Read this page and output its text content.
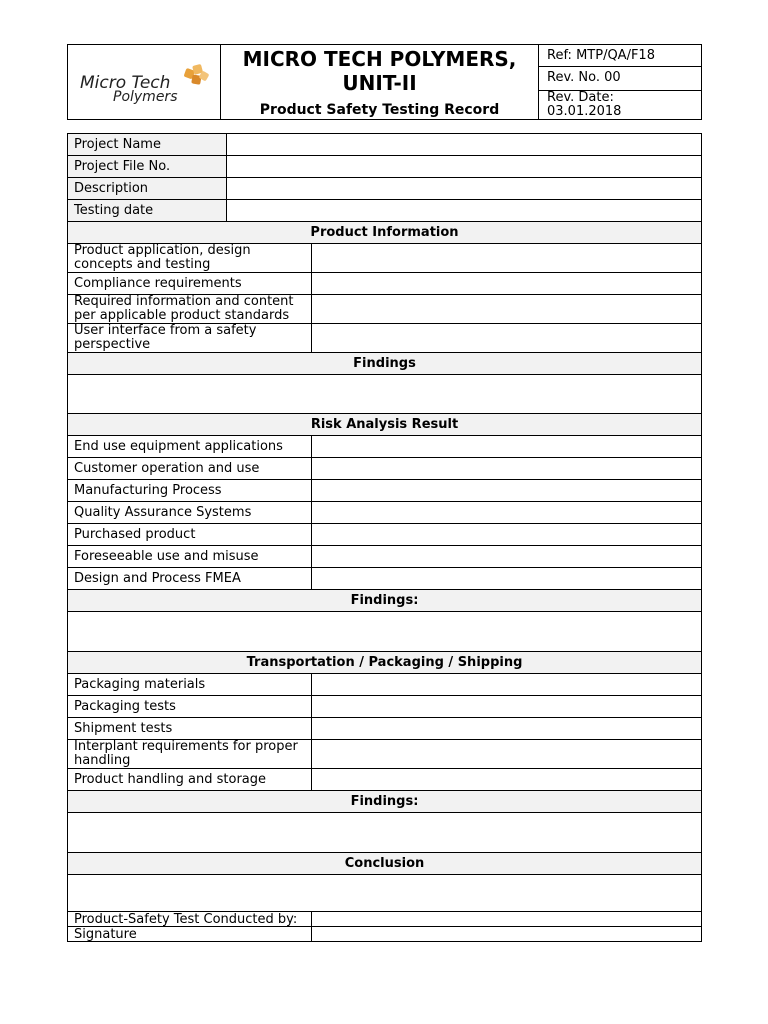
Micro Tech
Polymers

MICRO TECH POLYMERS,
UNIT-II
Product Safety Testing Record
	Ref: MTP/QA/F18
Rev. No. 00

Rev. Date:
03.01.2018
Project Name		
Project File No.		
Description		
Testing date		
Product Information		

Product application, design
concepts and testing		

Compliance requirements		

Required information and content
per applicable product standards		

User interface from a safety
perspective		

Findings		

Risk Analysis Result		
End use equipment applications		
Customer operation and use		
Manufacturing Process		
Quality Assurance Systems		
Purchased product		
Foreseeable use and misuse		
Design and Process FMEA		
Findings:		

Transportation / Packaging / Shipping		
Packaging materials		
Packaging tests		
Shipment tests		

Interplant requirements for proper
handling		

Product handling and storage		
Findings:		

Conclusion		

Product-Safety Test Conducted by:		
Signature		
